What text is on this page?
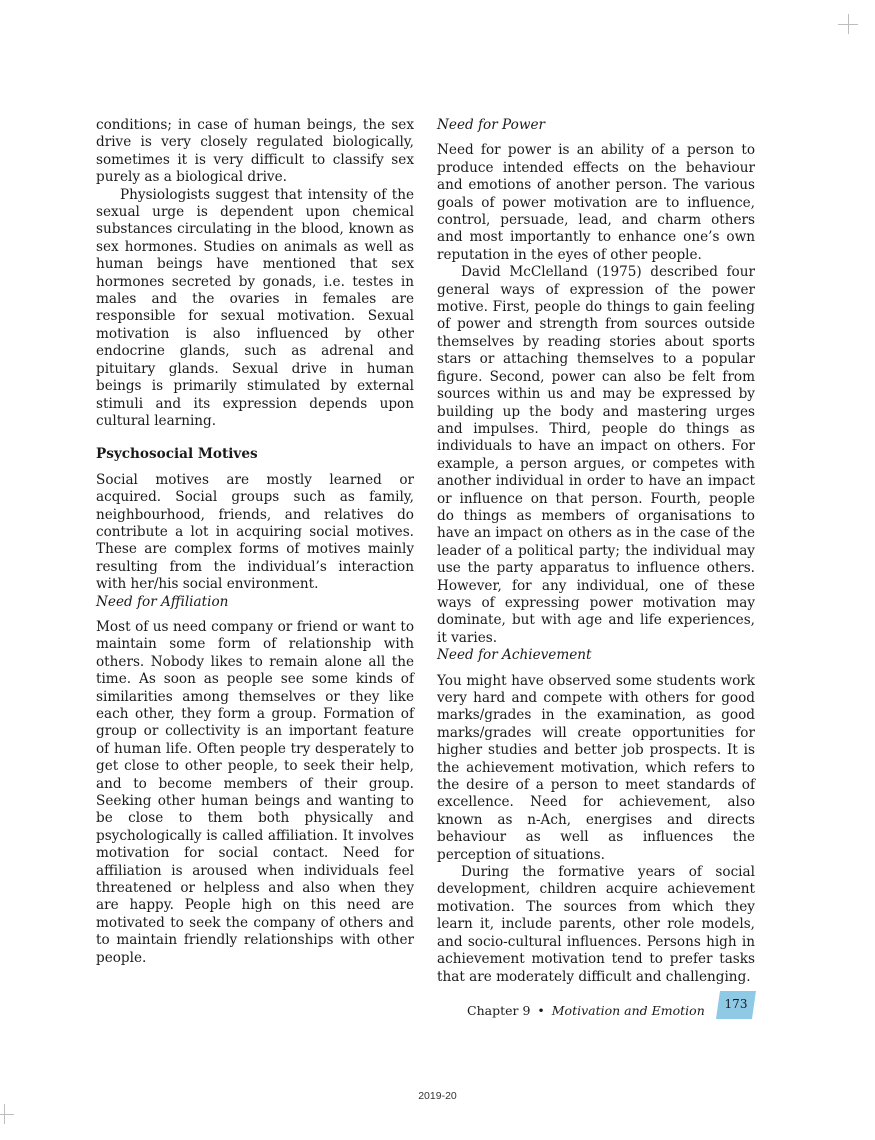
conditions; in case of human beings, the sex drive is very closely regulated biologically, sometimes it is very difficult to classify sex purely as a biological drive.

Physiologists suggest that intensity of the sexual urge is dependent upon chemical substances circulating in the blood, known as sex hormones. Studies on animals as well as human beings have mentioned that sex hormones secreted by gonads, i.e. testes in males and the ovaries in females are responsible for sexual motivation. Sexual motivation is also influenced by other endocrine glands, such as adrenal and pituitary glands. Sexual drive in human beings is primarily stimulated by external stimuli and its expression depends upon cultural learning.

Psychosocial Motives

Social motives are mostly learned or acquired. Social groups such as family, neighbourhood, friends, and relatives do contribute a lot in acquiring social motives. These are complex forms of motives mainly resulting from the individual’s interaction with her/his social environment.

Need for Affiliation

Most of us need company or friend or want to maintain some form of relationship with others. Nobody likes to remain alone all the time. As soon as people see some kinds of similarities among themselves or they like each other, they form a group. Formation of group or collectivity is an important feature of human life. Often people try desperately to get close to other people, to seek their help, and to become members of their group. Seeking other human beings and wanting to be close to them both physically and psychologically is called affiliation. It involves motivation for social contact. Need for affiliation is aroused when individuals feel threatened or helpless and also when they are happy. People high on this need are motivated to seek the company of others and to maintain friendly relationships with other people.

Need for Power

Need for power is an ability of a person to produce intended effects on the behaviour and emotions of another person. The various goals of power motivation are to influence, control, persuade, lead, and charm others and most importantly to enhance one’s own reputation in the eyes of other people.

David McClelland (1975) described four general ways of expression of the power motive. First, people do things to gain feeling of power and strength from sources outside themselves by reading stories about sports stars or attaching themselves to a popular figure. Second, power can also be felt from sources within us and may be expressed by building up the body and mastering urges and impulses. Third, people do things as individuals to have an impact on others. For example, a person argues, or competes with another individual in order to have an impact or influence on that person. Fourth, people do things as members of organisations to have an impact on others as in the case of the leader of a political party; the individual may use the party apparatus to influence others. However, for any individual, one of these ways of expressing power motivation may dominate, but with age and life experiences, it varies.

Need for Achievement

You might have observed some students work very hard and compete with others for good marks/grades in the examination, as good marks/grades will create opportunities for higher studies and better job prospects. It is the achievement motivation, which refers to the desire of a person to meet standards of excellence. Need for achievement, also known as n-Ach, energises and directs behaviour as well as influences the perception of situations.

During the formative years of social development, children acquire achievement motivation. The sources from which they learn it, include parents, other role models, and socio-cultural influences. Persons high in achievement motivation tend to prefer tasks that are moderately difficult and challenging.

Chapter 9 • Motivation and Emotion	173
2019-20
